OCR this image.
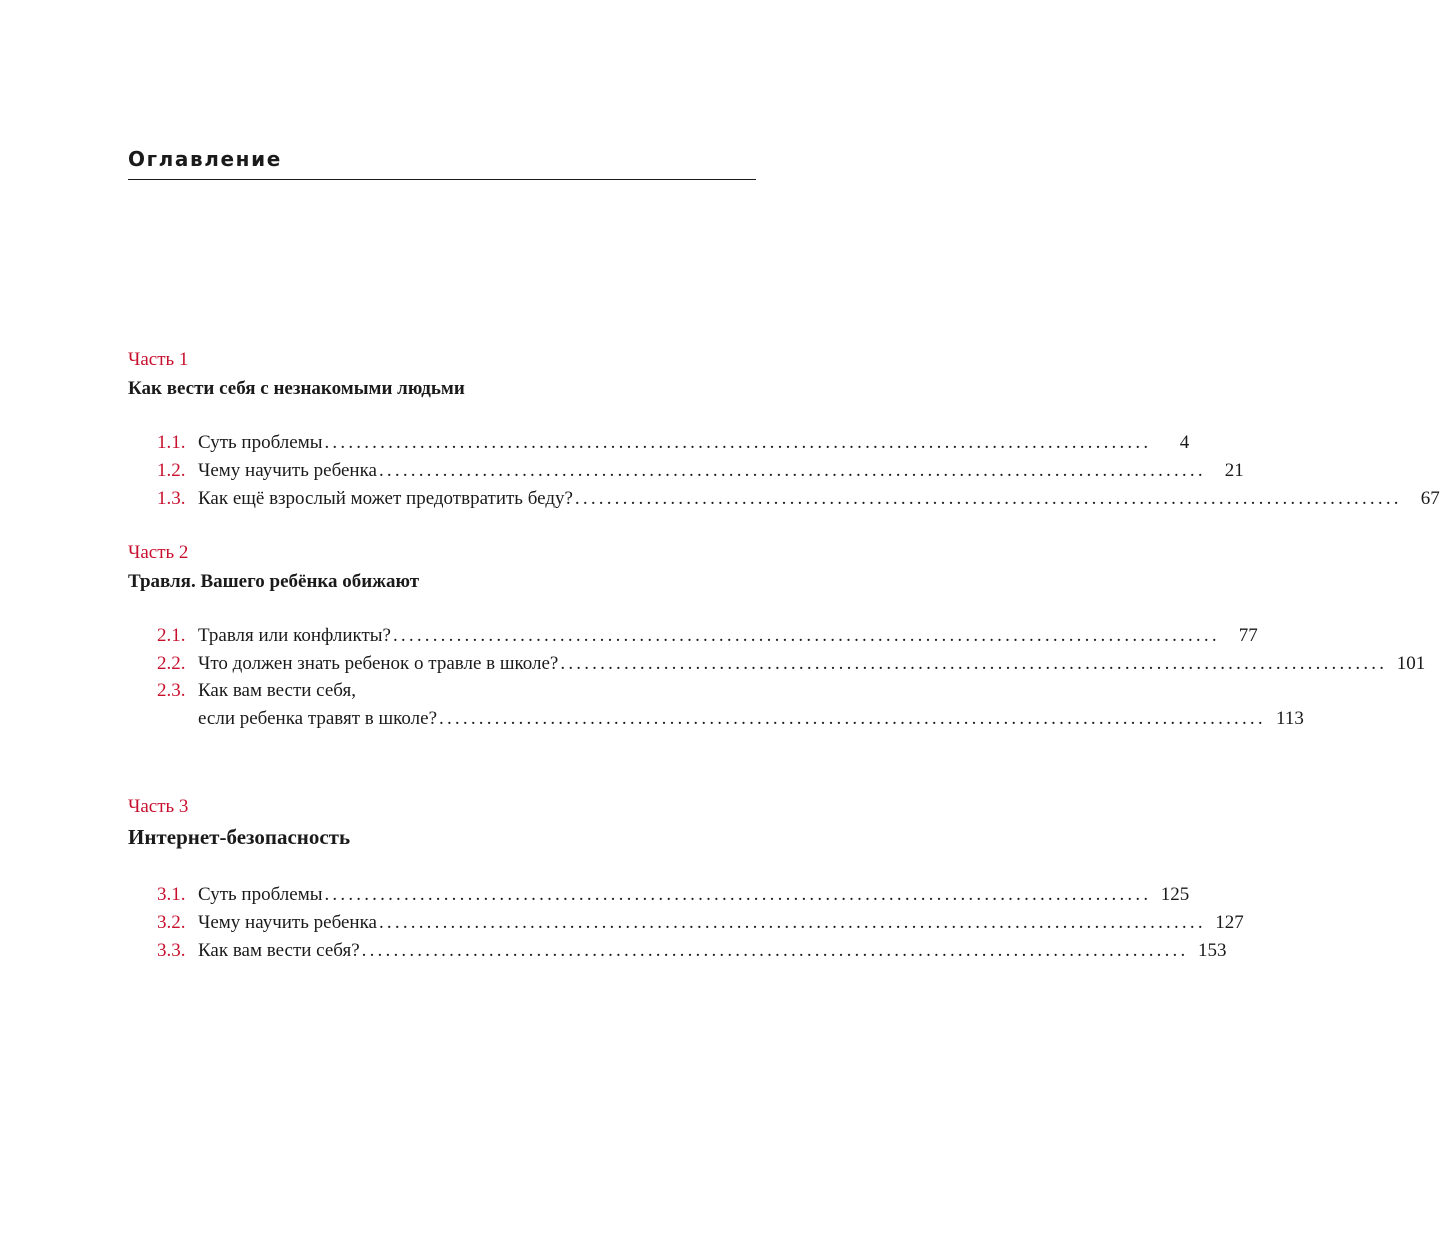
Оглавление
Часть 1
Как вести себя с незнакомыми людьми
1.1. Суть проблемы ........................................................................................................	4
1.2. Чему научить ребенка ........................................................................................................	21
1.3. Как ещё взрослый может предотвратить беду? ........................................................................................................	67
Часть 2
Травля. Вашего ребёнка обижают
2.1. Травля или конфликты? ........................................................................................................	77
2.2. Что должен знать ребенок о травле в школе? ........................................................................................................ 101
2.3. Как вам вести себя,
если ребенка травят в школе? ........................................................................................................ 113
Часть 3
Интернет-безопасность
3.1. Суть проблемы ........................................................................................................ 125
3.2. Чему научить ребенка ........................................................................................................ 127
3.3. Как вам вести себя? ........................................................................................................ 153
